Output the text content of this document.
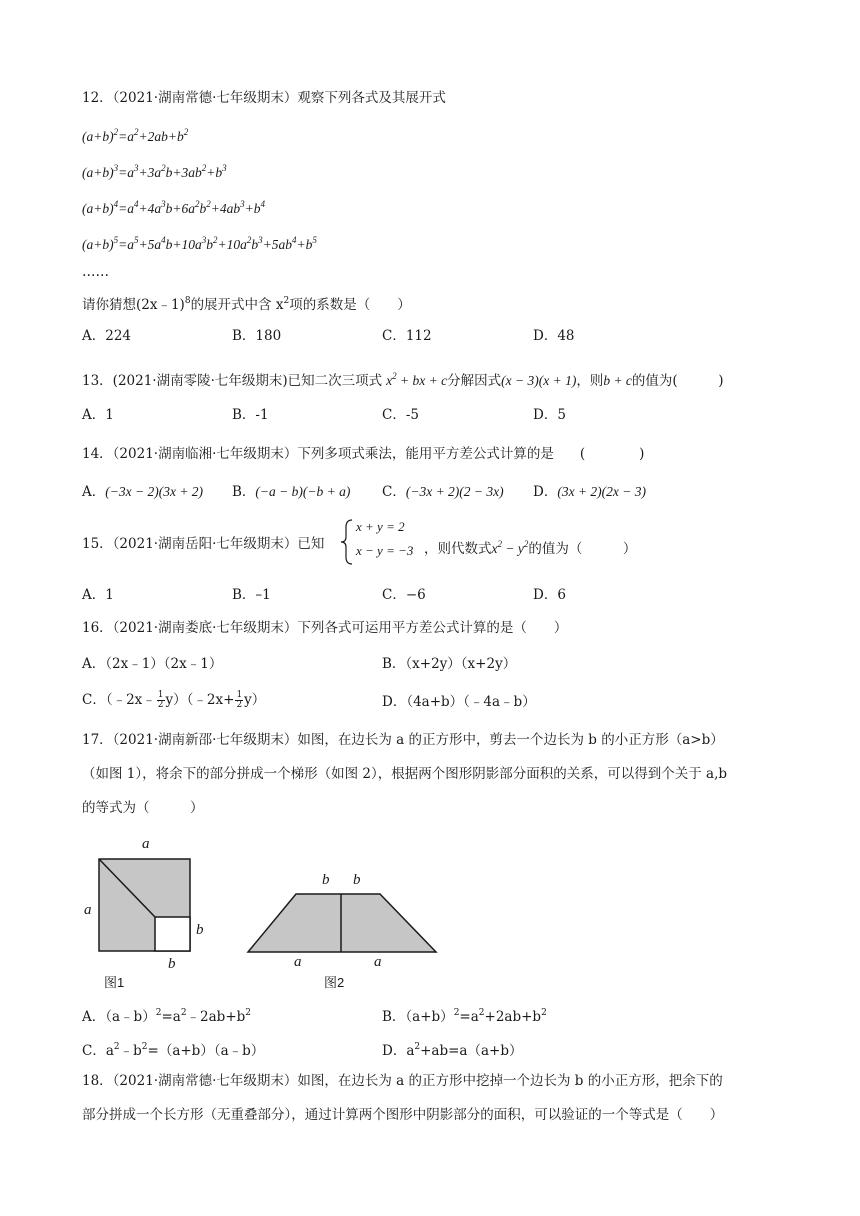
12．（2021·湖南常德·七年级期末）观察下列各式及其展开式
$(a+b)^2=a^2+2ab+b^2$
$(a+b)^3=a^3+3a^2b+3ab^2+b^3$
$(a+b)^4=a^4+4a^3b+6a^2b^2+4ab^3+b^4$
$(a+b)^5=a^5+5a^4b+10a^3b^2+10a^2b^3+5ab^4+b^5$
……
请你猜想(2x﹣1)$^8$的展开式中含 $x^2$项的系数是（　　）
A．224	B．180	C．112	D．48
13．(2021·湖南零陵·七年级期末)已知二次三项式 $x^2$ + bx + c分解因式(x − 3)(x + 1)，则b + c的值为(　　　)
A．1	B．-1	C．-5	D．5
14．（2021·湖南临湘·七年级期末）下列多项式乘法，能用平方差公式计算的是 (　　　　)
A．(−3x − 2)(3x + 2) B．(−a − b)(−b + a) C．(−3x + 2)(2 − 3x) D．(3x + 2)(2x − 3)
15．（2021·湖南岳阳·七年级期末）已知
x + y = 2
x − y = −3 ，则代数式$x^2 - y^2$的值为（　　　）
A．1	B．–1	C．−6	D．6
16．（2021·湖南娄底·七年级期末）下列各式可运用平方差公式计算的是（　　）
A．（2x﹣1）（2x﹣1）	B．（x+2y）（x+2y）
C．（﹣2x﹣ $\frac{1}{2}$ y）（﹣2x+ $\frac{1}{2} y$）	D．（4a+b）（﹣4a﹣b）
17．（2021·湖南新邵·七年级期末）如图，在边长为 a 的正方形中，剪去一个边长为 b 的小正方形（a>b）
（如图 1），将余下的部分拼成一个梯形（如图 2），根据两个图形阴影部分面积的关系，可以得到个关于 a,b
的等式为（　　　）
a
a
b
b
图1
b b
a	a
图2
A．$(a﹣b)^2=a^2﹣2ab+b^2$	B．$(a+b)^2=a^2+2ab+b^2$
C．$a^2﹣b^2=(a+b)(a﹣b)$	D．$a^2+ab=a(a+b)$
18．（2021·湖南常德·七年级期末）如图，在边长为 a 的正方形中挖掉一个边长为 b 的小正方形，把余下的
部分拼成一个长方形（无重叠部分），通过计算两个图形中阴影部分的面积，可以验证的一个等式是（　　）
